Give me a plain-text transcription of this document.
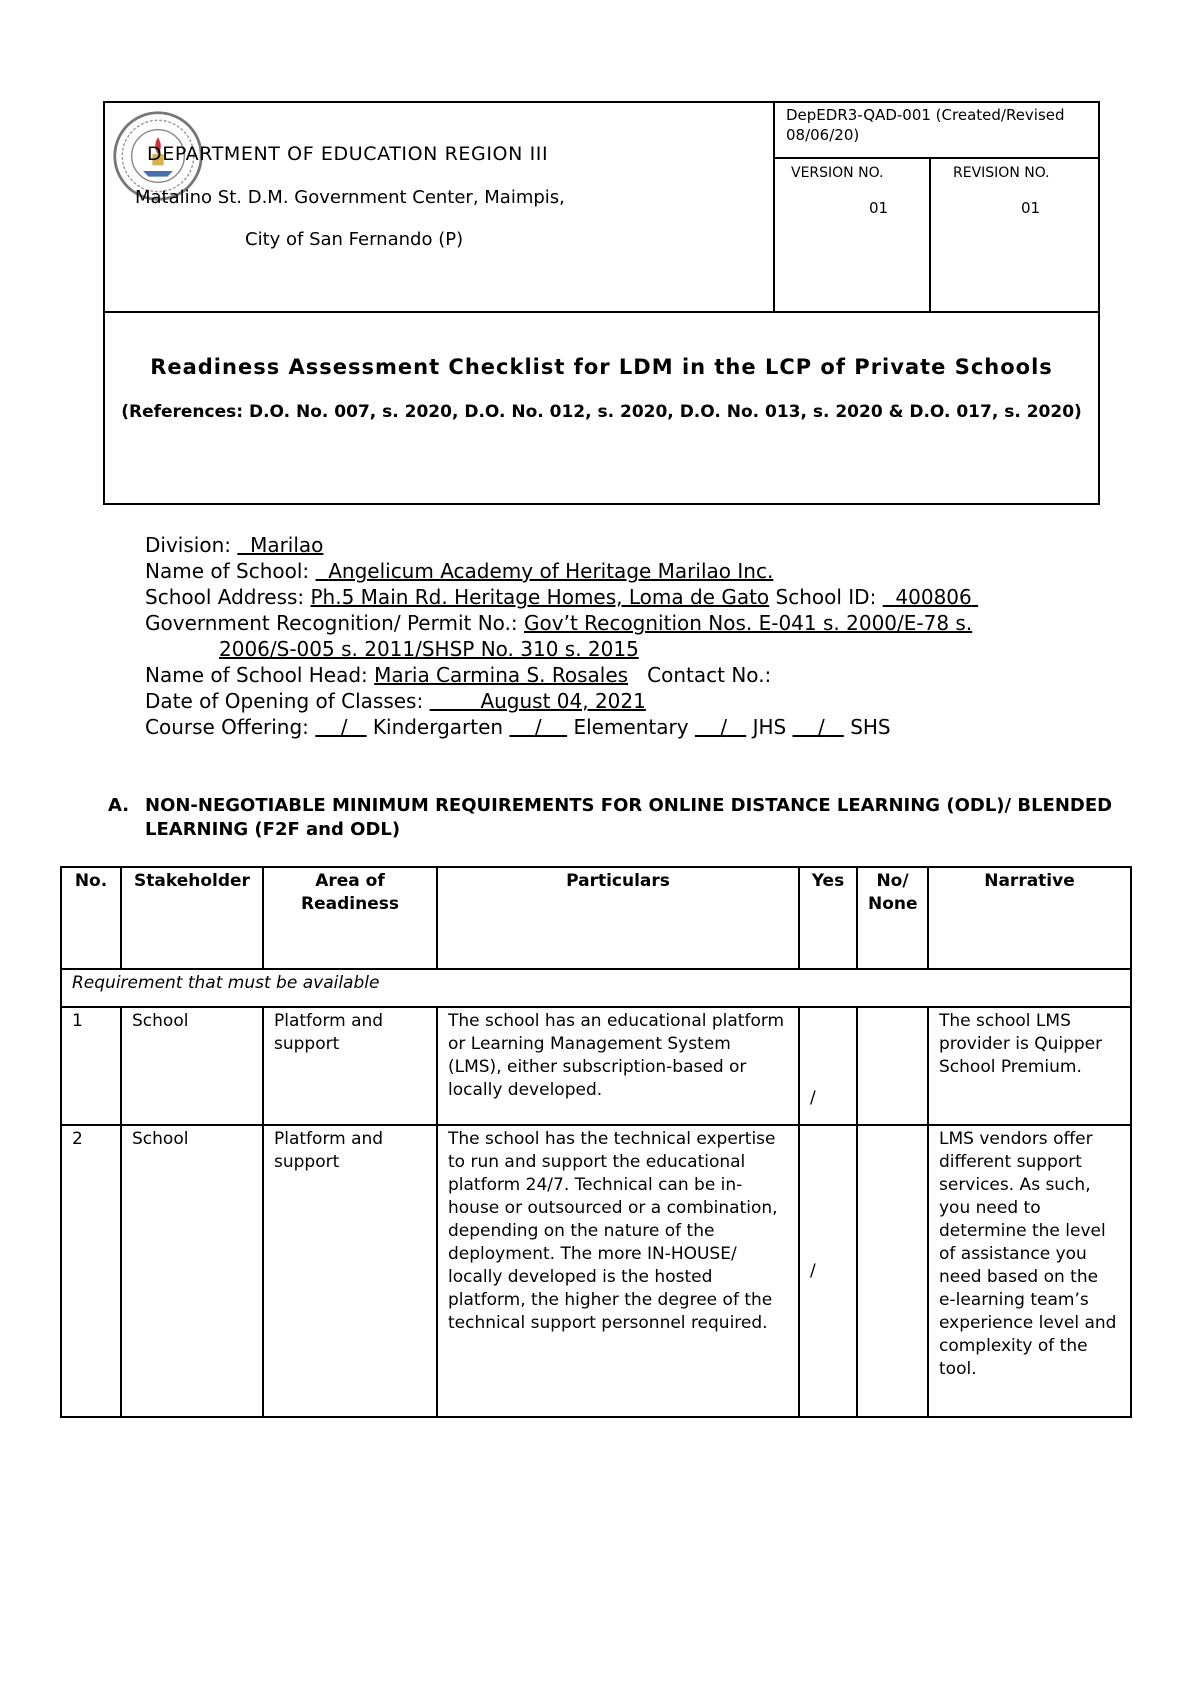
DEPARTMENT OF EDUCATION REGION III
Matalino St. D.M. Government Center, Maimpis,
City of San Fernando (P)
DepEDR3-QAD-001 (Created/Revised 08/06/20)
VERSION NO.
01
REVISION NO.
01
Readiness Assessment Checklist for LDM in the LCP of Private Schools
(References: D.O. No. 007, s. 2020, D.O. No. 012, s. 2020, D.O. No. 013, s. 2020 & D.O. 017, s. 2020)
Division: Marilao
Name of School: Angelicum Academy of Heritage Marilao Inc.
School Address: Ph.5 Main Rd. Heritage Homes, Loma de Gato School ID: 400806
Government Recognition/ Permit No.: Gov’t Recognition Nos. E-041 s. 2000/E-78 s.
2006/S-005 s. 2011/SHSP No. 310 s. 2015
Name of School Head: Maria Carmina S. Rosales Contact No.:
Date of Opening of Classes:	August 04, 2021
Course Offering: / Kindergarten / Elementary / JHS / SHS
A. NON-NEGOTIABLE MINIMUM REQUIREMENTS FOR ONLINE DISTANCE LEARNING (ODL)/ BLENDED LEARNING (F2F and ODL)
No.	Stakeholder	Area of Readiness	Particulars	Yes	No/ None	Narrative
Requirement that must be available						
1	School	Platform and support	The school has an educational platform or Learning Management System (LMS), either subscription-based or locally developed.	/		The school LMS provider is Quipper School Premium.
2	School	Platform and support	The school has the technical expertise to run and support the educational platform 24/7. Technical can be in-house or outsourced or a combination, depending on the nature of the deployment. The more IN-HOUSE/ locally developed is the hosted platform, the higher the degree of the technical support personnel required.	/		LMS vendors offer different support services. As such, you need to determine the level of assistance you need based on the e-learning team’s experience level and complexity of the tool.
